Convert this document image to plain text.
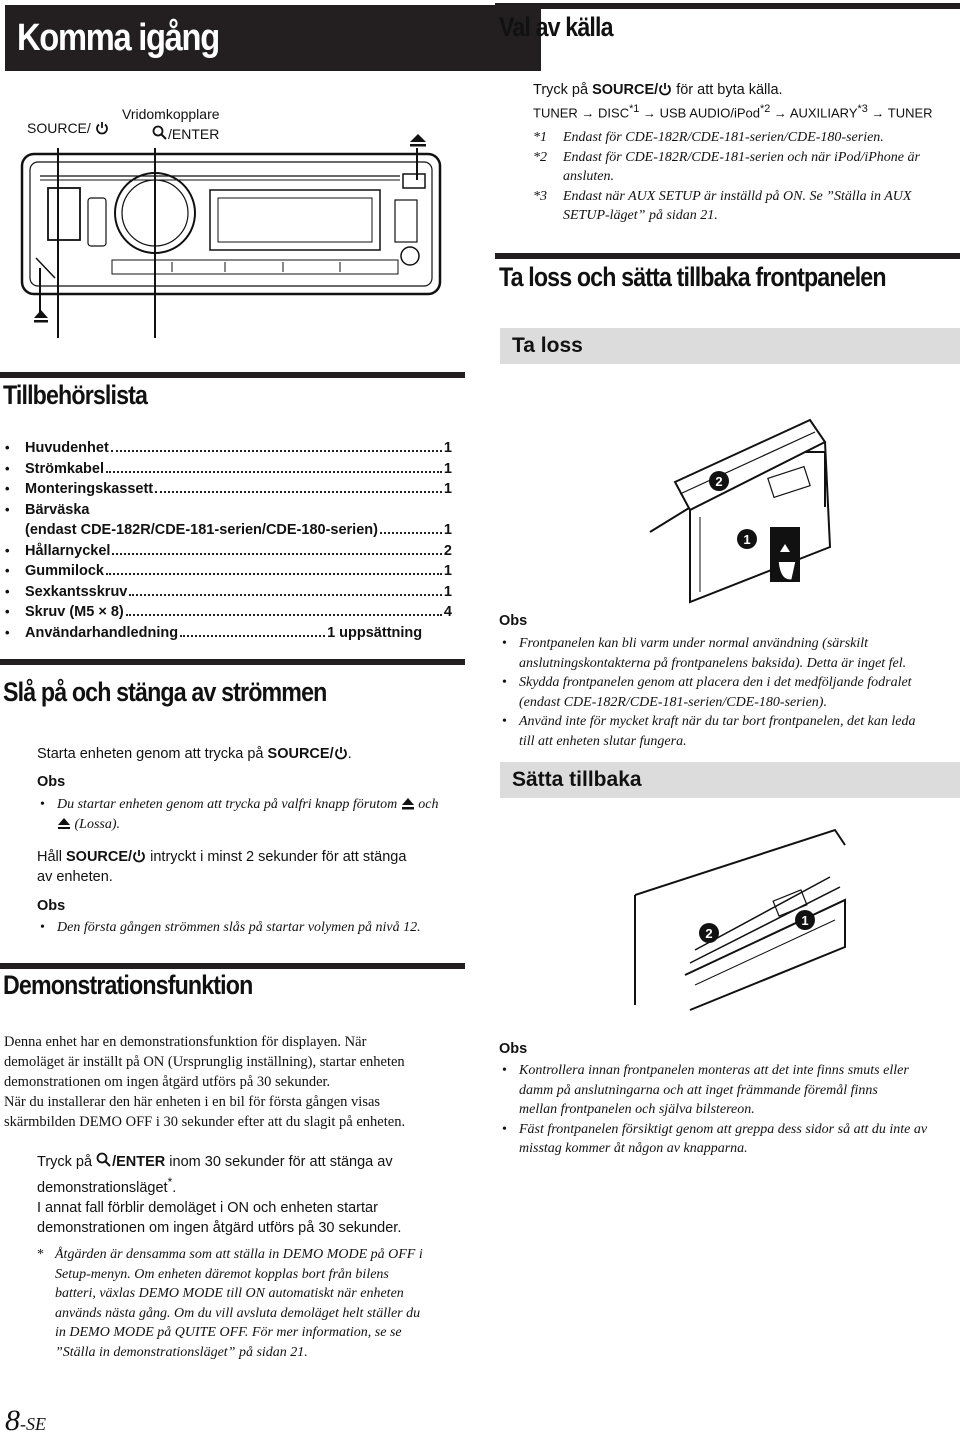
Komma igång
SOURCE/
Vridomkopplare
/ENTER
Tillbehörslista
• Huvudenhet	1
• Strömkabel	1
• Monteringskassett	1
• Bärväska
(endast CDE-182R/CDE-181-serien/CDE-180-serien)	1
• Hållarnyckel	2
• Gummilock	1
• Sexkantsskruv	1
• Skruv (M5 × 8)	4
• Användarhandledning	1 uppsättning
Slå på och stänga av strömmen
Starta enheten genom att trycka på SOURCE/ .
Obs
• Du startar enheten genom att trycka på valfri knapp förutom och
(Lossa).
Håll SOURCE/ intryckt i minst 2 sekunder för att stänga
av enheten.
Obs
• Den första gången strömmen slås på startar volymen på nivå 12.
Demonstrationsfunktion
Denna enhet har en demonstrationsfunktion för displayen. När
demoläget är inställt på ON (Ursprunglig inställning), startar enheten
demonstrationen om ingen åtgärd utförs på 30 sekunder.
När du installerar den här enheten i en bil för första gången visas
skärmbilden DEMO OFF i 30 sekunder efter att du slagit på enheten.
Tryck på /ENTER inom 30 sekunder för att stänga av
demonstrationsläget*.
I annat fall förblir demoläget i ON och enheten startar
demonstrationen om ingen åtgärd utförs på 30 sekunder.
* Åtgärden är densamma som att ställa in DEMO MODE på OFF i
Setup-menyn. Om enheten däremot kopplas bort från bilens
batteri, växlas DEMO MODE till ON automatiskt när enheten
används nästa gång. Om du vill avsluta demoläget helt ställer du
in DEMO MODE på QUITE OFF. För mer information, se se
”Ställa in demonstrationsläget” på sidan 21.
8-SE
Val av källa
Tryck på SOURCE/ för att byta källa.
TUNER → $DISC^{*1}$ → USB AUDIO/iPod$^{*2}$ → $AUXILIARY^{*3}$ → TUNER
*1 Endast för CDE-182R/CDE-181-serien/CDE-180-serien.
*2 Endast för CDE-182R/CDE-181-serien och när iPod/iPhone är
ansluten.
*3 Endast när AUX SETUP är inställd på ON. Se ”Ställa in AUX
SETUP-läget” på sidan 21.
Ta loss och sätta tillbaka frontpanelen
Ta loss
2
1
Obs
• Frontpanelen kan bli varm under normal användning (särskilt
anslutningskontakterna på frontpanelens baksida). Detta är inget fel.
• Skydda frontpanelen genom att placera den i det medföljande fodralet
(endast CDE-182R/CDE-181-serien/CDE-180-serien).
• Använd inte för mycket kraft när du tar bort frontpanelen, det kan leda
till att enheten slutar fungera.
Sätta tillbaka
2
1
Obs
• Kontrollera innan frontpanelen monteras att det inte finns smuts eller
damm på anslutningarna och att inget främmande föremål finns
mellan frontpanelen och själva bilstereon.
• Fäst frontpanelen försiktigt genom att greppa dess sidor så att du inte av
misstag kommer åt någon av knapparna.
